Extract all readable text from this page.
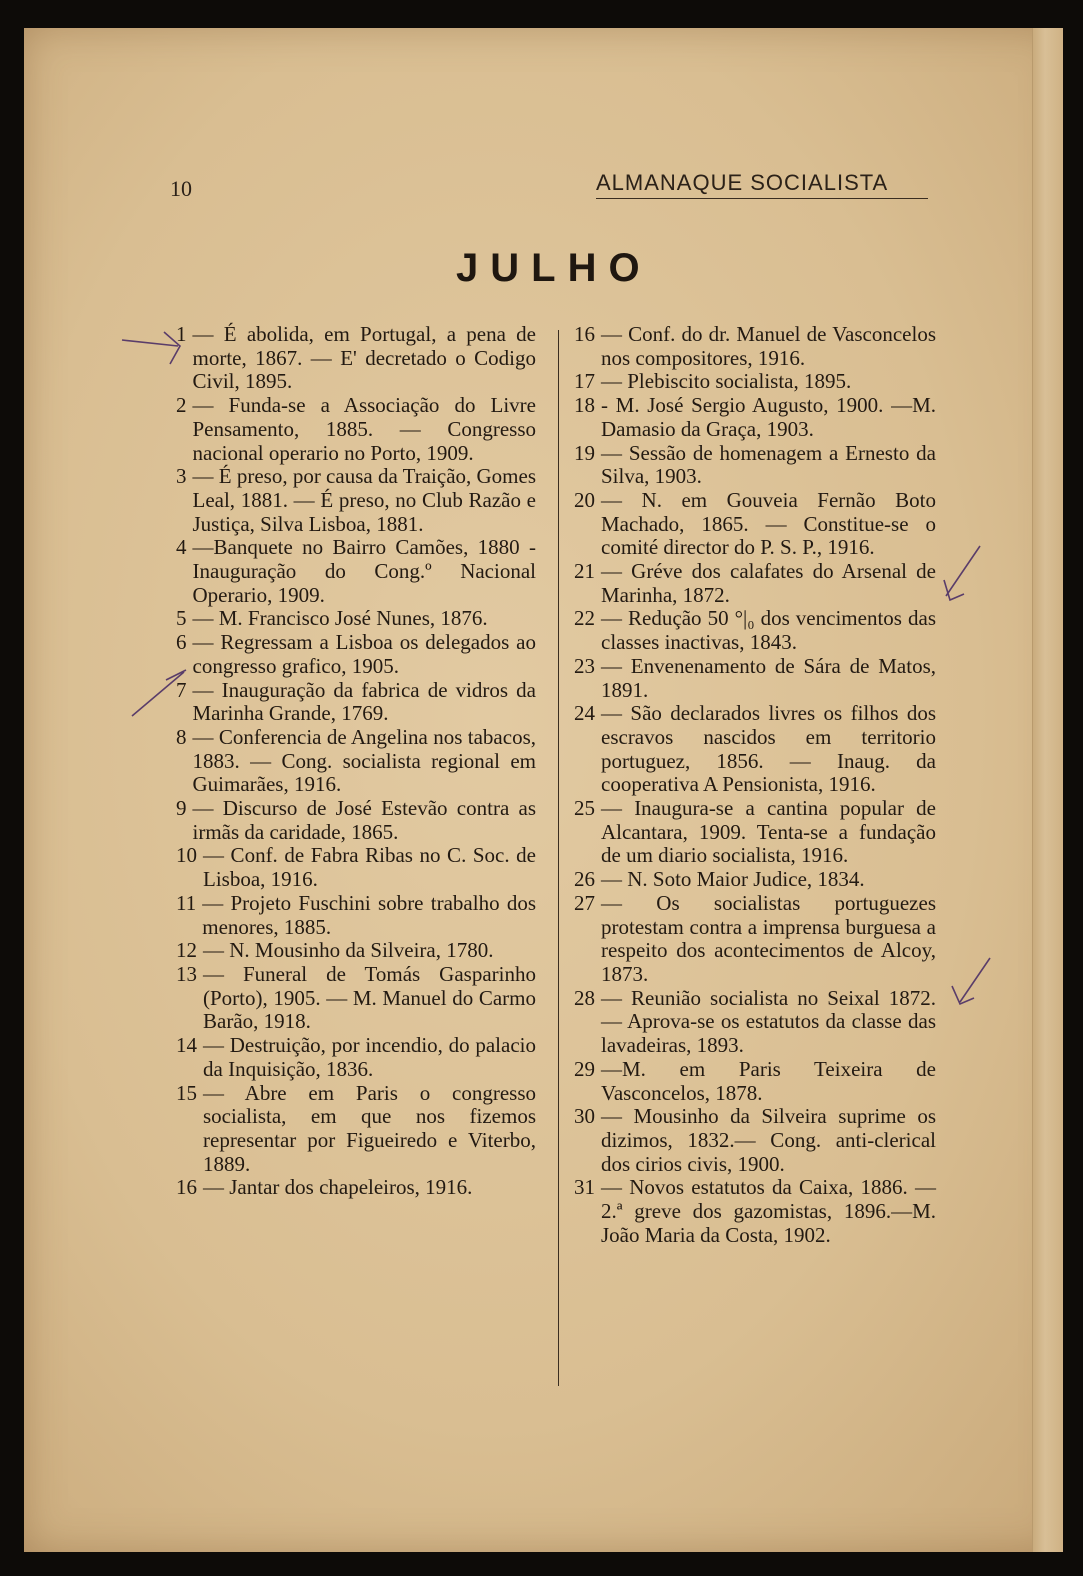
10	ALMANAQUE SOCIALISTA
JULHO
1 — É abolida, em Portugal, a pena de morte, 1867. — E' decretado o Codigo Civil, 1895.
2 — Funda-se a Associação do Livre Pensamento, 1885. — Congresso nacional operario no Porto, 1909.
3 — É preso, por causa da Traição, Gomes Leal, 1881. — É preso, no Club Razão e Justiça, Silva Lisboa, 1881.
4 —Banquete no Bairro Camões, 1880 - Inauguração do Cong.º Nacional Operario, 1909.
5 — M. Francisco José Nunes, 1876.
6 — Regressam a Lisboa os delegados ao congresso grafico, 1905.
7 — Inauguração da fabrica de vidros da Marinha Grande, 1769.
8 — Conferencia de Angelina nos tabacos, 1883. — Cong. socialista regional em Guimarães, 1916.
9 — Discurso de José Estevão contra as irmãs da caridade, 1865.
10 — Conf. de Fabra Ribas no C. Soc. de Lisboa, 1916.
11 — Projeto Fuschini sobre trabalho dos menores, 1885.
12 — N. Mousinho da Silveira, 1780.
13 — Funeral de Tomás Gasparinho (Porto), 1905. — M. Manuel do Carmo Barão, 1918.
14 — Destruição, por incendio, do palacio da Inquisição, 1836.
15 — Abre em Paris o congresso socialista, em que nos fizemos representar por Figueiredo e Viterbo, 1889.
16 — Jantar dos chapeleiros, 1916.
16 — Conf. do dr. Manuel de Vasconcelos nos compositores, 1916.
17 — Plebiscito socialista, 1895.
18 - M. José Sergio Augusto, 1900. —M. Damasio da Graça, 1903.
19 — Sessão de homenagem a Ernesto da Silva, 1903.
20 — N. em Gouveia Fernão Boto Machado, 1865. — Constitue-se o comité director do P. S. P., 1916.
21 — Gréve dos calafates do Arsenal de Marinha, 1872.
22 — Redução 50 °|₀ dos vencimentos das classes inactivas, 1843.
23 — Envenenamento de Sára de Matos, 1891.
24 — São declarados livres os filhos dos escravos nascidos em territorio portuguez, 1856. — Inaug. da cooperativa A Pensionista, 1916.
25 — Inaugura-se a cantina popular de Alcantara, 1909. Tenta-se a fundação de um diario socialista, 1916.
26 — N. Soto Maior Judice, 1834.
27 — Os socialistas portuguezes protestam contra a imprensa burguesa a respeito dos acontecimentos de Alcoy, 1873.
28 — Reunião socialista no Seixal 1872. — Aprova-se os estatutos da classe das lavadeiras, 1893.
29 —M. em Paris Teixeira de Vasconcelos, 1878.
30 — Mousinho da Silveira suprime os dizimos, 1832.— Cong. anti-clerical dos cirios civis, 1900.
31 — Novos estatutos da Caixa, 1886. — 2.ª greve dos gazomistas, 1896.—M. João Maria da Costa, 1902.
